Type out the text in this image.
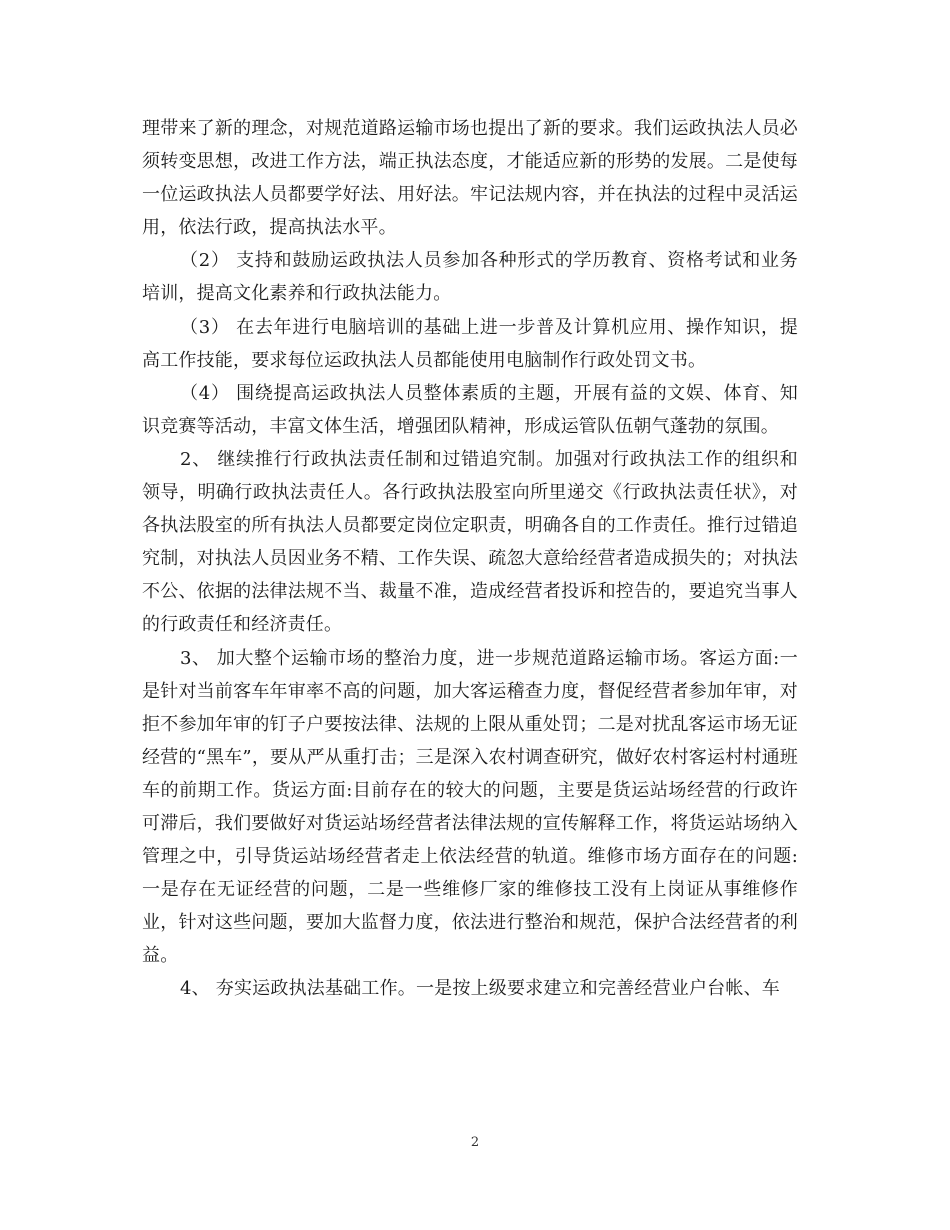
理带来了新的理念，对规范道路运输市场也提出了新的要求。我们运政执法人员必须转变思想，改进工作方法，端正执法态度，才能适应新的形势的发展。二是使每一位运政执法人员都要学好法、用好法。牢记法规内容，并在执法的过程中灵活运用，依法行政，提高执法水平。

（2） 支持和鼓励运政执法人员参加各种形式的学历教育、资格考试和业务培训，提高文化素养和行政执法能力。

（3） 在去年进行电脑培训的基础上进一步普及计算机应用、操作知识，提高工作技能，要求每位运政执法人员都能使用电脑制作行政处罚文书。

（4） 围绕提高运政执法人员整体素质的主题，开展有益的文娱、体育、知识竞赛等活动，丰富文体生活，增强团队精神，形成运管队伍朝气蓬勃的氛围。

2、 继续推行行政执法责任制和过错追究制。加强对行政执法工作的组织和领导，明确行政执法责任人。各行政执法股室向所里递交《行政执法责任状》，对各执法股室的所有执法人员都要定岗位定职责，明确各自的工作责任。推行过错追究制，对执法人员因业务不精、工作失误、疏忽大意给经营者造成损失的；对执法不公、依据的法律法规不当、裁量不准，造成经营者投诉和控告的，要追究当事人的行政责任和经济责任。

3、 加大整个运输市场的整治力度，进一步规范道路运输市场。客运方面:一是针对当前客车年审率不高的问题，加大客运稽查力度，督促经营者参加年审，对拒不参加年审的钉子户要按法律、法规的上限从重处罚；二是对扰乱客运市场无证经营的“黑车”，要从严从重打击；三是深入农村调查研究，做好农村客运村村通班车的前期工作。货运方面:目前存在的较大的问题，主要是货运站场经营的行政许可滞后，我们要做好对货运站场经营者法律法规的宣传解释工作，将货运站场纳入管理之中，引导货运站场经营者走上依法经营的轨道。维修市场方面存在的问题:一是存在无证经营的问题，二是一些维修厂家的维修技工没有上岗证从事维修作业，针对这些问题，要加大监督力度，依法进行整治和规范，保护合法经营者的利益。

4、 夯实运政执法基础工作。一是按上级要求建立和完善经营业户台帐、车

2
